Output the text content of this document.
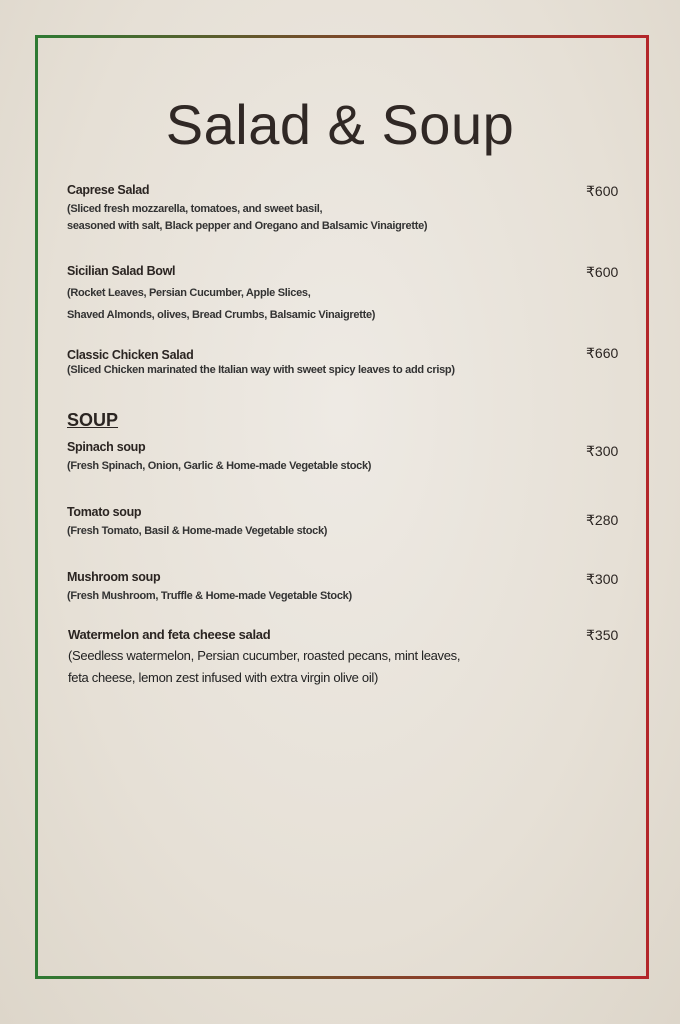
Salad & Soup
Caprese Salad
(Sliced fresh mozzarella, tomatoes, and sweet basil,
seasoned with salt, Black pepper and Oregano and Balsamic Vinaigrette)
₹600
Sicilian Salad Bowl
(Rocket Leaves, Persian Cucumber, Apple Slices,
Shaved Almonds, olives, Bread Crumbs, Balsamic Vinaigrette)
₹600
Classic Chicken Salad
(Sliced Chicken marinated the Italian way with sweet spicy leaves to add crisp)
₹660
SOUP
Spinach soup
(Fresh Spinach, Onion, Garlic & Home-made Vegetable stock)
₹300
Tomato soup
(Fresh Tomato, Basil & Home-made Vegetable stock)
₹280
Mushroom soup
(Fresh Mushroom, Truffle & Home-made Vegetable Stock)
₹300
Watermelon and feta cheese salad
(Seedless watermelon, Persian cucumber, roasted pecans, mint leaves,
feta cheese, lemon zest infused with extra virgin olive oil)
₹350
